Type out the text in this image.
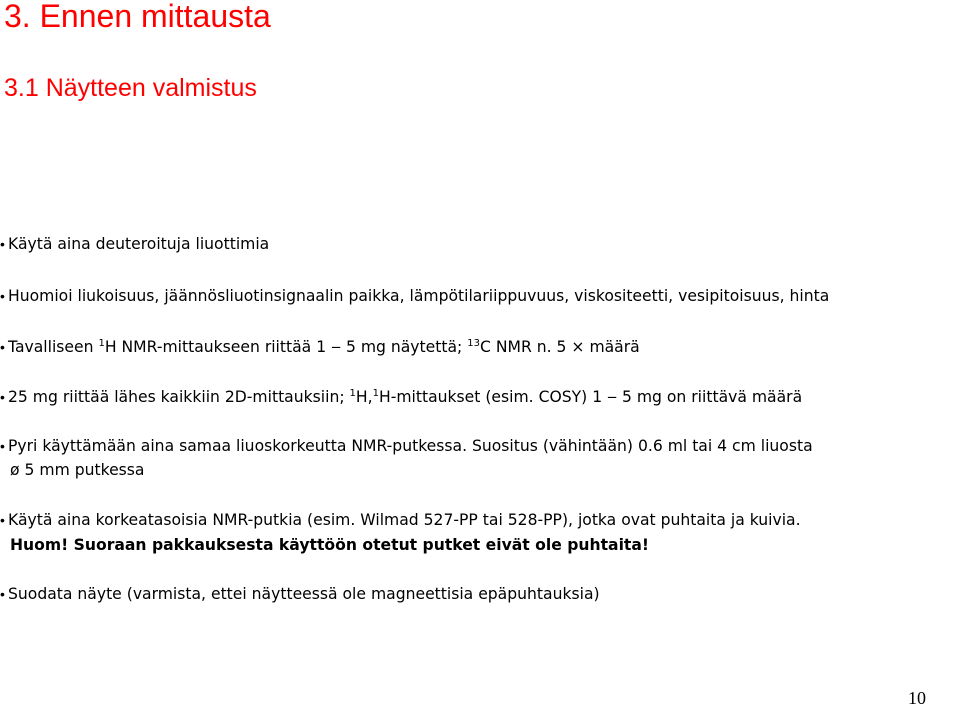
3. Ennen mittausta
3.1 Näytteen valmistus
• Käytä aina deuteroituja liuottimia
• Huomioi liukoisuus, jäännösliuotinsignaalin paikka, lämpötilariippuvuus, viskositeetti, vesipitoisuus, hinta
• Tavalliseen $^1$H NMR-mittaukseen riittää 1 ‒ 5 mg näytettä; $^{13}$C NMR n. 5 × määrä
• 25 mg riittää lähes kaikkiin 2D-mittauksiin; $^1$H,$^1$H-mittaukset (esim. COSY) 1 ‒ 5 mg on riittävä määrä
• Pyri käyttämään aina samaa liuoskorkeutta NMR-putkessa. Suositus (vähintään) 0.6 ml tai 4 cm liuosta
ø 5 mm putkessa
• Käytä aina korkeatasoisia NMR-putkia (esim. Wilmad 527-PP tai 528-PP), jotka ovat puhtaita ja kuivia.
Huom! Suoraan pakkauksesta käyttöön otetut putket eivät ole puhtaita!
• Suodata näyte (varmista, ettei näytteessä ole magneettisia epäpuhtauksia)
10
